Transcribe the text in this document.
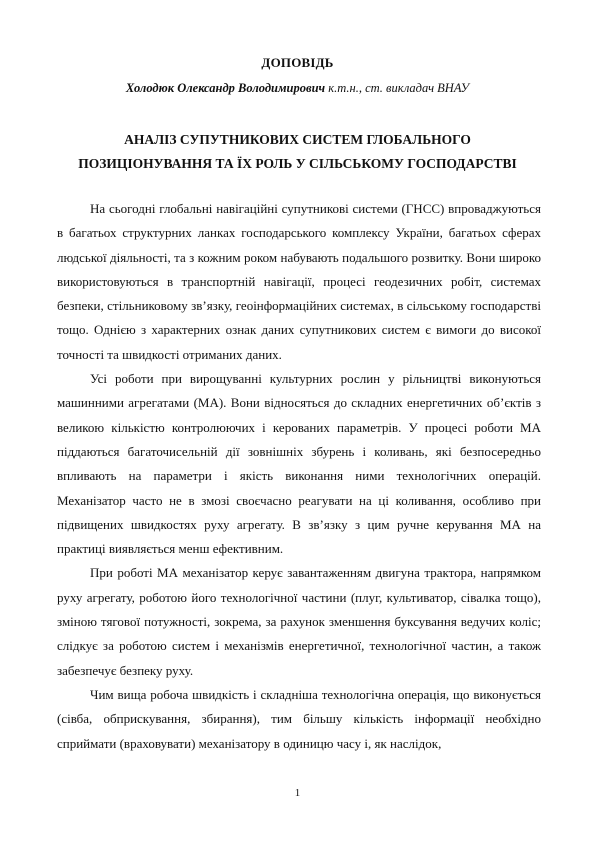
ДОПОВІДЬ
Холодюк Олександр Володимирович к.т.н., ст. викладач ВНАУ
АНАЛІЗ СУПУТНИКОВИХ СИСТЕМ ГЛОБАЛЬНОГО
ПОЗИЦІОНУВАННЯ ТА ЇХ РОЛЬ У СІЛЬСЬКОМУ ГОСПОДАРСТВІ

На сьогодні глобальні навігаційні супутникові системи (ГНСС) впроваджуються в багатьох структурних ланках господарського комплексу України, багатьох сферах людської діяльності, та з кожним роком набувають подальшого розвитку. Вони широко використовуються в транспортній навігації, процесі геодезичних робіт, системах безпеки, стільниковому зв’язку, геоінформаційних системах, в сільському господарстві тощо. Однією з характерних ознак даних супутникових систем є вимоги до високої точності та швидкості отриманих даних.

Усі роботи при вирощуванні культурних рослин у рільництві виконуються машинними агрегатами (МА). Вони відносяться до складних енергетичних об’єктів з великою кількістю контролюючих і керованих параметрів. У процесі роботи МА піддаються багаточисельній дії зовнішніх збурень і коливань, які безпосередньо впливають на параметри і якість виконання ними технологічних операцій. Механізатор часто не в змозі своєчасно реагувати на ці коливання, особливо при підвищених швидкостях руху агрегату. В зв’язку з цим ручне керування МА на практиці виявляється менш ефективним.

При роботі МА механізатор керує завантаженням двигуна трактора, напрямком руху агрегату, роботою його технологічної частини (плуг, культиватор, сівалка тощо), зміною тягової потужності, зокрема, за рахунок зменшення буксування ведучих коліс; слідкує за роботою систем і механізмів енергетичної, технологічної частин, а також забезпечує безпеку руху.

Чим вища робоча швидкість і складніша технологічна операція, що виконується (сівба, обприскування, збирання), тим більшу кількість інформації необхідно сприймати (враховувати) механізатору в одиницю часу і, як наслідок,

1
